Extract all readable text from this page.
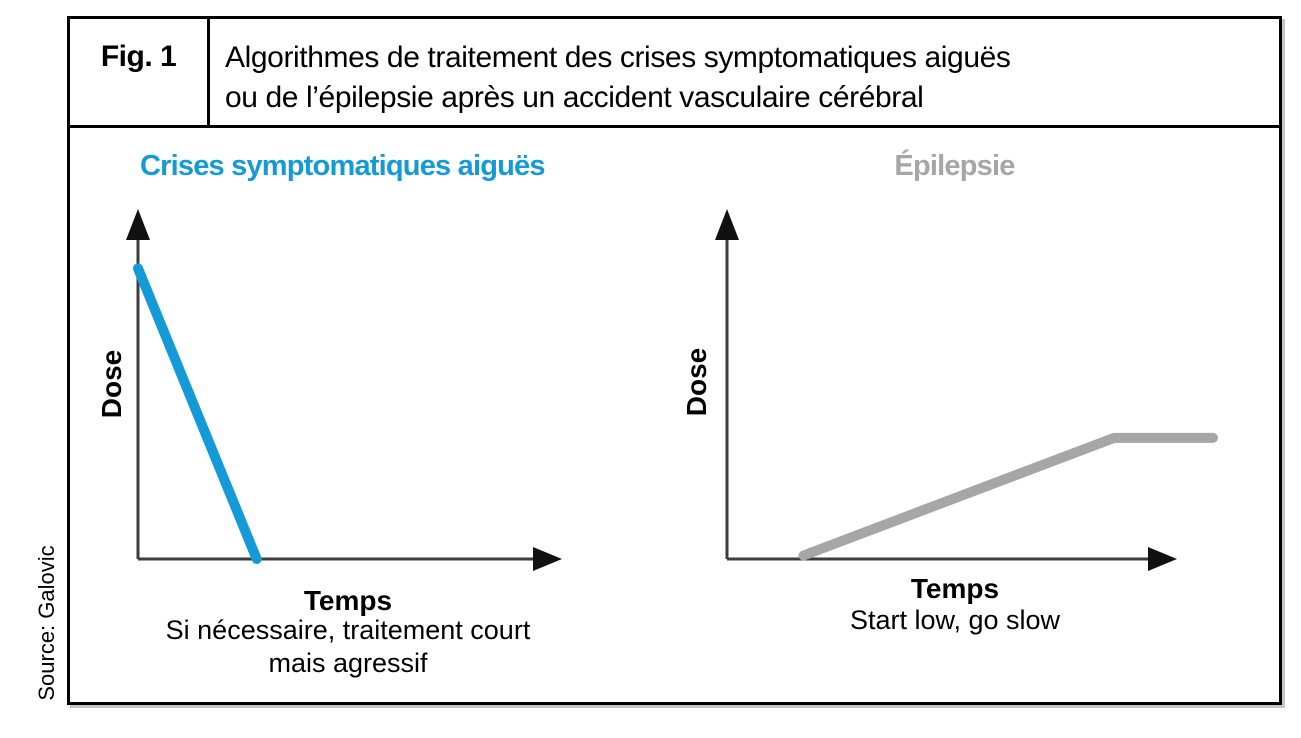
Source: Galovic
Fig. 1 Algorithmes de traitement des crises symptomatiques aiguës
ou de l’épilepsie après un accident vasculaire cérébral
Crises symptomatiques aiguës
Dose
Temps
Si nécessaire, traitement court
mais agressif
Épilepsie
Dose
Temps
Start low, go slow
